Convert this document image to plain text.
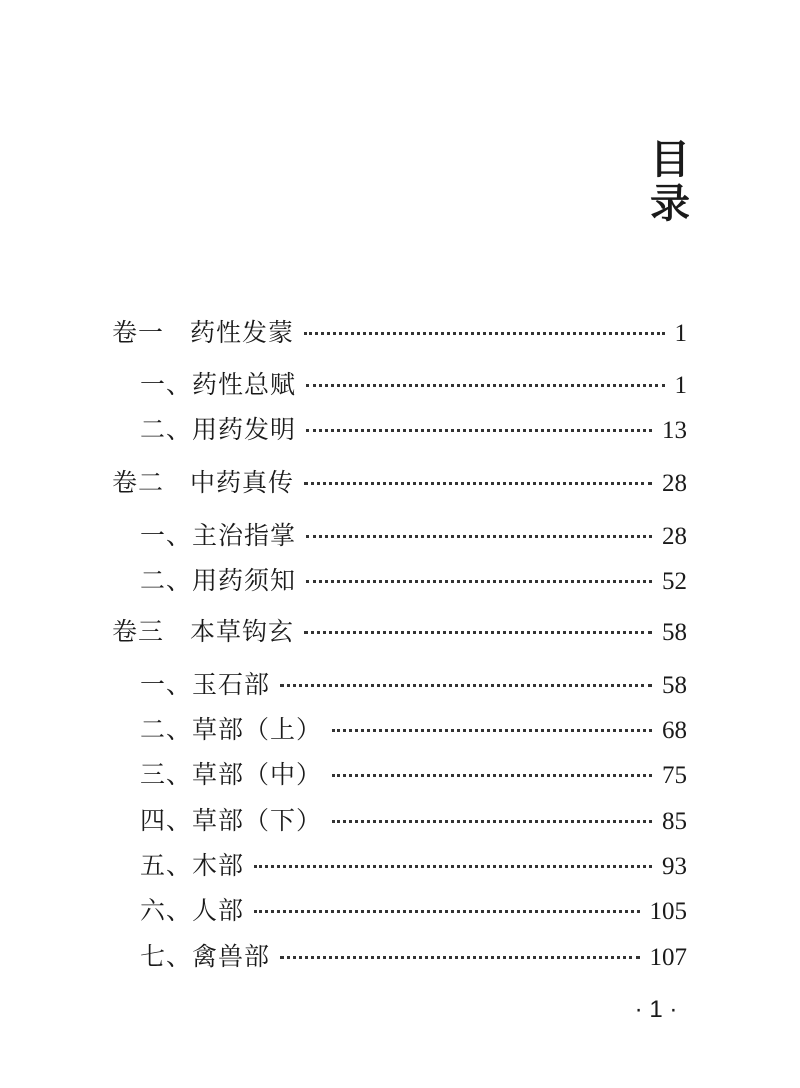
目
录
卷一 药性发蒙	1
一、药性总赋	1
二、用药发明	13
卷二 中药真传	28
一、主治指掌	28
二、用药须知	52
卷三 本草钩玄	58
一、玉石部	58
二、草部（上）	68
三、草部（中）	75
四、草部（下）	85
五、木部	93
六、人部	105
七、禽兽部	107
· 1 ·
